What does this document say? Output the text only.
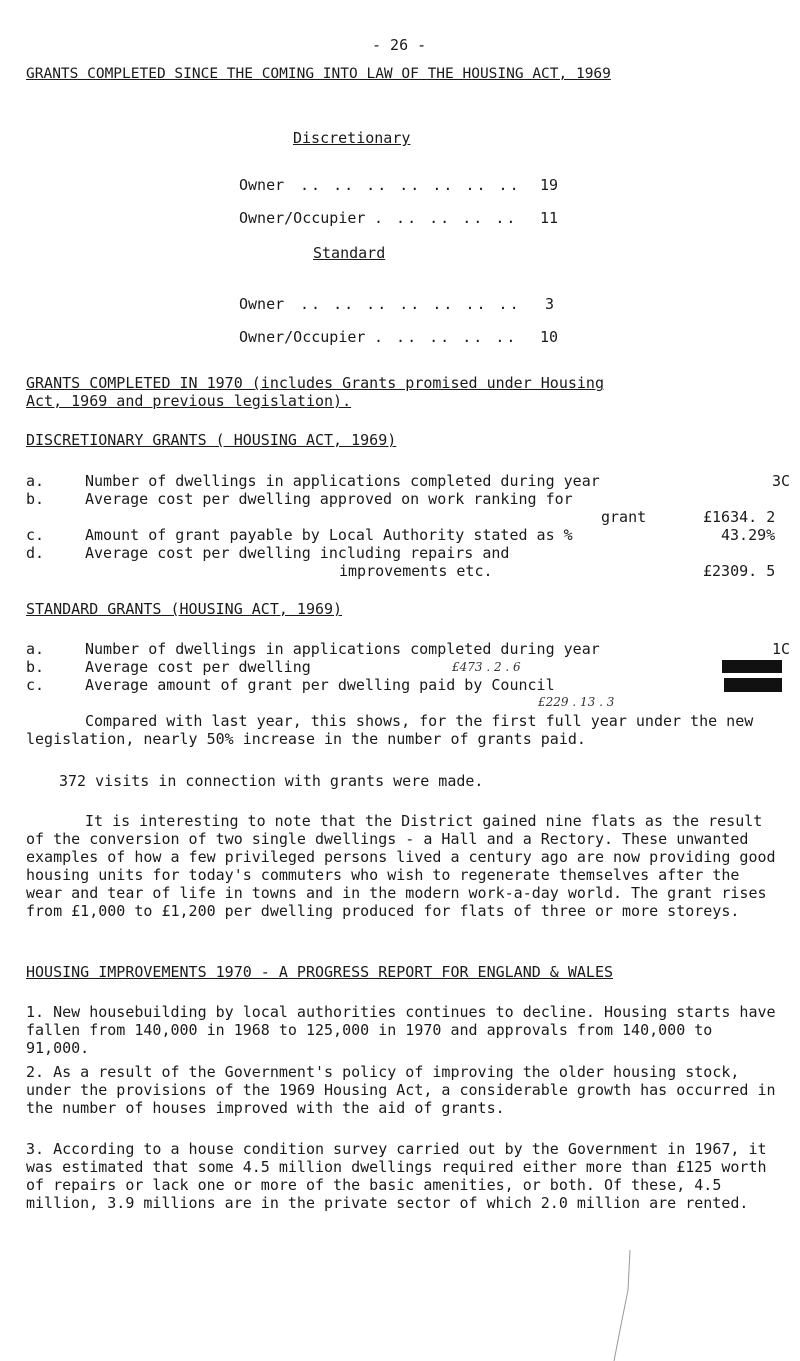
- 26 -
GRANTS COMPLETED SINCE THE COMING INTO LAW OF THE HOUSING ACT, 1969
Discretionary
Owner .. .. .. .. .. .. .. 19
Owner/Occupier . .. .. .. .. 11
Standard
Owner .. .. .. .. .. .. .. 3
Owner/Occupier . .. .. .. .. 10
GRANTS COMPLETED IN 1970 (includes Grants promised under Housing
Act, 1969 and previous legislation).
DISCRETIONARY GRANTS ( HOUSING ACT, 1969)
a.	Number of dwellings in applications completed during year	3C
b.	Average cost per dwelling approved on work ranking for
grant	£1634. 2
c.	Amount of grant payable by Local Authority stated as %	43.29%
d.	Average cost per dwelling including repairs and
improvements etc.	£2309. 5
STANDARD GRANTS (HOUSING ACT, 1969)
a.	Number of dwellings in applications completed during year	1C
b.	Average cost per dwelling	£473 . 2 . 6
c.	Average amount of grant per dwelling paid by Council
£229 . 13 . 3
Compared with last year, this shows, for the first full year under the new legislation, nearly 50% increase in the number of grants paid.
372 visits in connection with grants were made.
It is interesting to note that the District gained nine flats as the result of the conversion of two single dwellings - a Hall and a Rectory. These unwanted examples of how a few privileged persons lived a century ago are now providing good housing units for today's commuters who wish to regenerate themselves after the wear and tear of life in towns and in the modern work-a-day world. The grant rises from £1,000 to £1,200 per dwelling produced for flats of three or more storeys.
HOUSING IMPROVEMENTS 1970 - A PROGRESS REPORT FOR ENGLAND & WALES
1. New housebuilding by local authorities continues to decline. Housing starts have fallen from 140,000 in 1968 to 125,000 in 1970 and approvals from 140,000 to 91,000.
2. As a result of the Government's policy of improving the older housing stock, under the provisions of the 1969 Housing Act, a considerable growth has occurred in the number of houses improved with the aid of grants.
3. According to a house condition survey carried out by the Government in 1967, it was estimated that some 4.5 million dwellings required either more than £125 worth of repairs or lack one or more of the basic amenities, or both. Of these, 4.5 million, 3.9 millions are in the private sector of which 2.0 million are rented.
